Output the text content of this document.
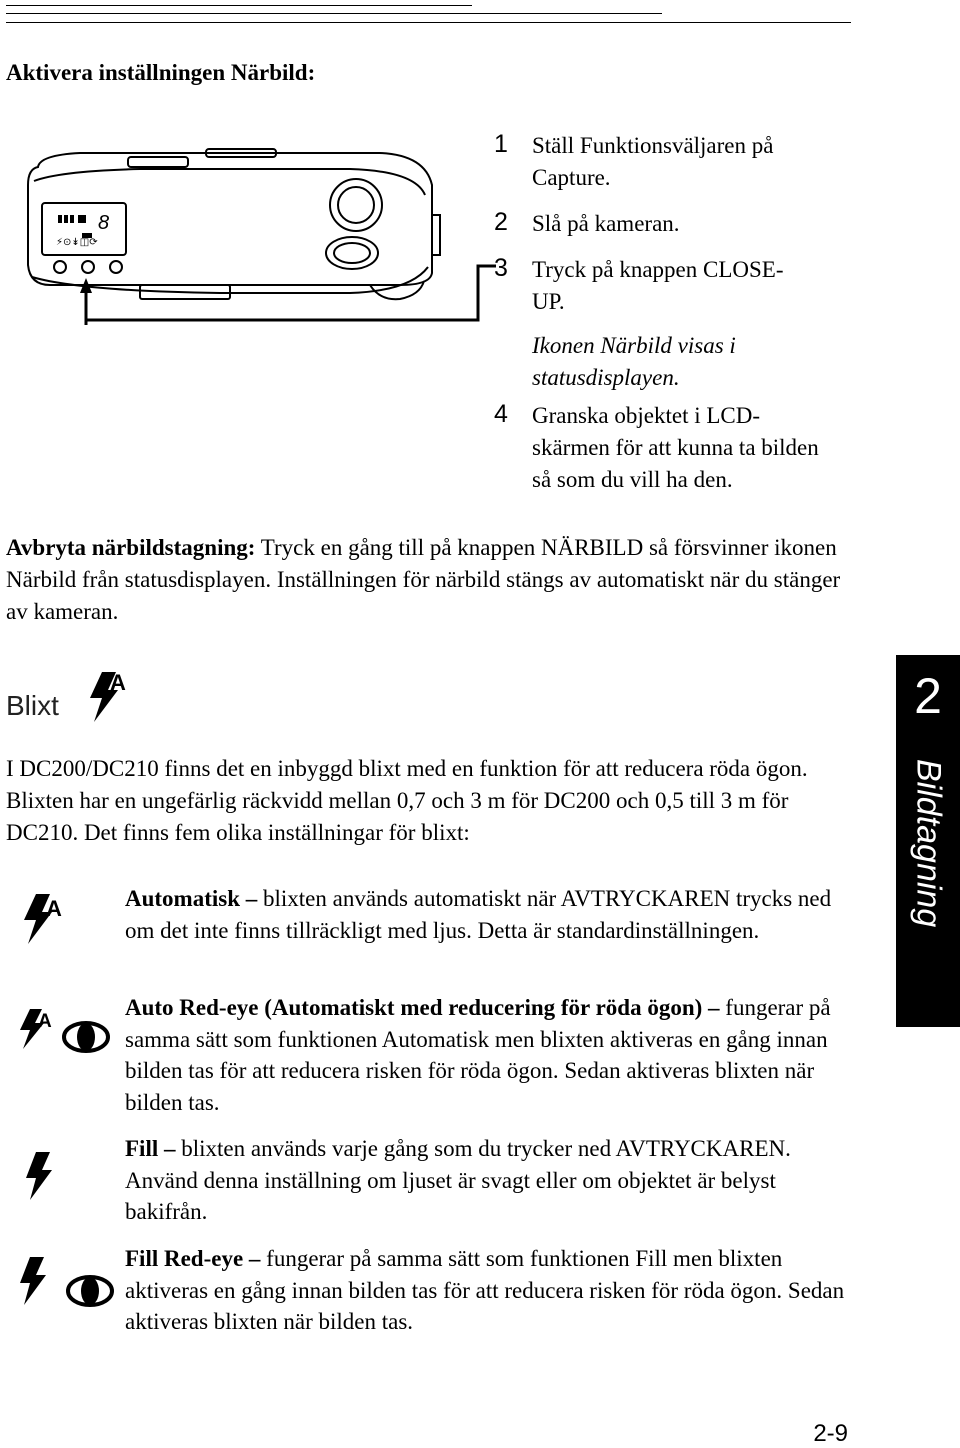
Aktivera inställningen Närbild:
8
⚡⊙↡◫⟳
1	Ställ Funktionsväljaren på Capture.
2	Slå på kameran.
3	Tryck på knappen CLOSE-UP.
Ikonen Närbild visas i statusdisplayen.
4	Granska objektet i LCD-skärmen för att kunna ta bilden så som du vill ha den.
Avbryta närbildstagning: Tryck en gång till på knappen NÄRBILD så försvinner ikonen Närbild från statusdisplayen. Inställningen för närbild stängs av automatiskt när du stänger av kameran.
Blixt
A
I DC200/DC210 finns det en inbyggd blixt med en funktion för att reducera röda ögon. Blixten har en ungefärlig räckvidd mellan 0,7 och 3 m för DC200 och 0,5 till 3 m för DC210. Det finns fem olika inställningar för blixt:
A
A
Automatisk – blixten används automatiskt när AVTRYCKAREN trycks ned om det inte finns tillräckligt med ljus. Detta är standardinställningen.
Auto Red-eye (Automatiskt med reducering för röda ögon) – fungerar på samma sätt som funktionen Automatisk men blixten aktiveras en gång innan bilden tas för att reducera risken för röda ögon. Sedan aktiveras blixten när bilden tas.
Fill – blixten används varje gång som du trycker ned AVTRYCKAREN. Använd denna inställning om ljuset är svagt eller om objektet är belyst bakifrån.
Fill Red-eye – fungerar på samma sätt som funktionen Fill men blixten aktiveras en gång innan bilden tas för att reducera risken för röda ögon. Sedan aktiveras blixten när bilden tas.
2
Bildtagning
2-9
